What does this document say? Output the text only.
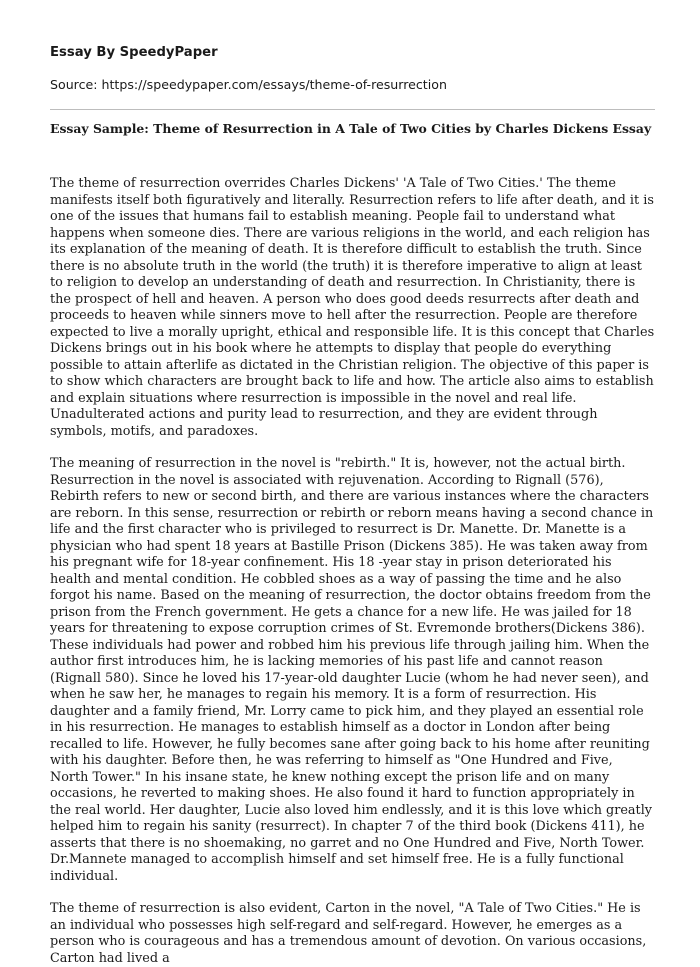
Essay By SpeedyPaper
Source: https://speedypaper.com/essays/theme-of-resurrection
Essay Sample: Theme of Resurrection in A Tale of Two Cities by Charles Dickens Essay

The theme of resurrection overrides Charles Dickens' 'A Tale of Two Cities.' The theme manifests itself both figuratively and literally. Resurrection refers to life after death, and it is one of the issues that humans fail to establish meaning. People fail to understand what happens when someone dies. There are various religions in the world, and each religion has its explanation of the meaning of death. It is therefore difficult to establish the truth. Since there is no absolute truth in the world (the truth) it is therefore imperative to align at least to religion to develop an understanding of death and resurrection. In Christianity, there is the prospect of hell and heaven. A person who does good deeds resurrects after death and proceeds to heaven while sinners move to hell after the resurrection. People are therefore expected to live a morally upright, ethical and responsible life. It is this concept that Charles Dickens brings out in his book where he attempts to display that people do everything possible to attain afterlife as dictated in the Christian religion. The objective of this paper is to show which characters are brought back to life and how. The article also aims to establish and explain situations where resurrection is impossible in the novel and real life. Unadulterated actions and purity lead to resurrection, and they are evident through symbols, motifs, and paradoxes.

The meaning of resurrection in the novel is "rebirth." It is, however, not the actual birth. Resurrection in the novel is associated with rejuvenation. According to Rignall (576), Rebirth refers to new or second birth, and there are various instances where the characters are reborn. In this sense, resurrection or rebirth or reborn means having a second chance in life and the first character who is privileged to resurrect is Dr. Manette. Dr. Manette is a physician who had spent 18 years at Bastille Prison (Dickens 385). He was taken away from his pregnant wife for 18-year confinement. His 18 -year stay in prison deteriorated his health and mental condition. He cobbled shoes as a way of passing the time and he also forgot his name. Based on the meaning of resurrection, the doctor obtains freedom from the prison from the French government. He gets a chance for a new life. He was jailed for 18 years for threatening to expose corruption crimes of St. Evremonde brothers(Dickens 386). These individuals had power and robbed him his previous life through jailing him. When the author first introduces him, he is lacking memories of his past life and cannot reason (Rignall 580). Since he loved his 17-year-old daughter Lucie (whom he had never seen), and when he saw her, he manages to regain his memory. It is a form of resurrection. His daughter and a family friend, Mr. Lorry came to pick him, and they played an essential role in his resurrection. He manages to establish himself as a doctor in London after being recalled to life. However, he fully becomes sane after going back to his home after reuniting with his daughter. Before then, he was referring to himself as "One Hundred and Five, North Tower." In his insane state, he knew nothing except the prison life and on many occasions, he reverted to making shoes. He also found it hard to function appropriately in the real world. Her daughter, Lucie also loved him endlessly, and it is this love which greatly helped him to regain his sanity (resurrect). In chapter 7 of the third book (Dickens 411), he asserts that there is no shoemaking, no garret and no One Hundred and Five, North Tower. Dr.Mannete managed to accomplish himself and set himself free. He is a fully functional individual.

The theme of resurrection is also evident, Carton in the novel, "A Tale of Two Cities." He is an individual who possesses high self-regard and self-regard. However, he emerges as a person who is courageous and has a tremendous amount of devotion. On various occasions, Carton had lived a
